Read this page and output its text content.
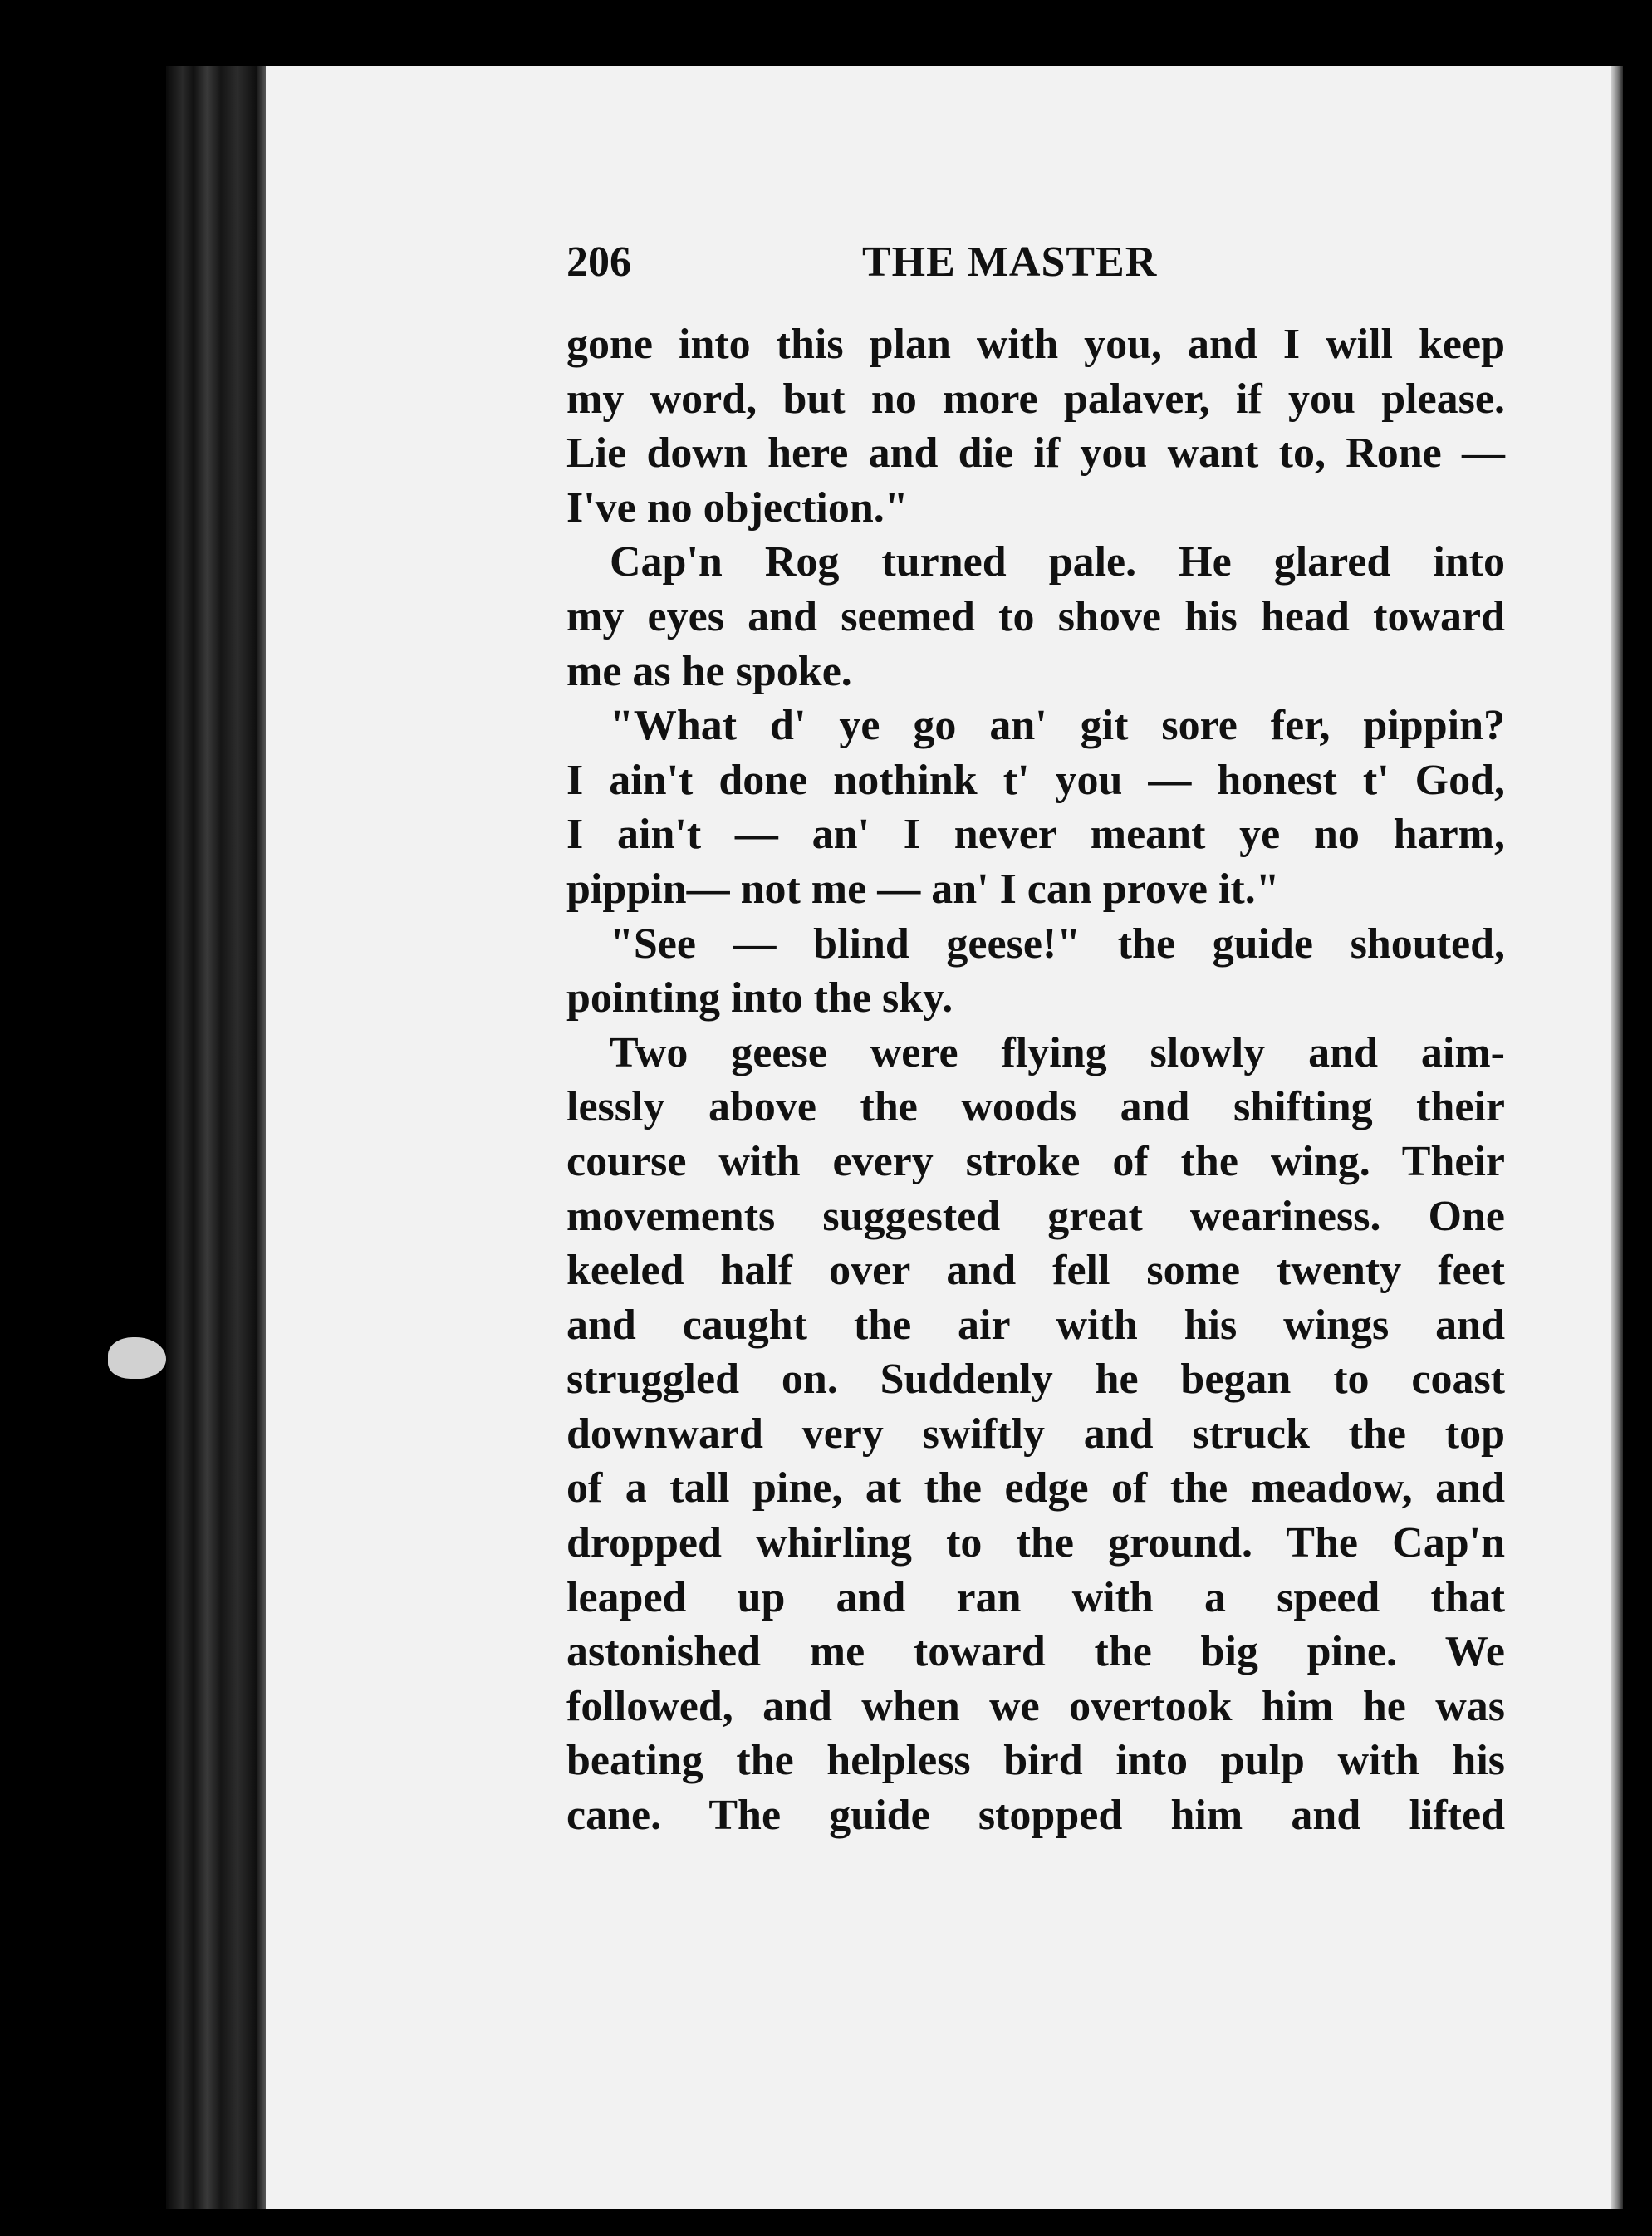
206	THE MASTER
gone into this plan with you, and I will keep
my word, but no more palaver, if you please.
Lie down here and die if you want to, Rone —
I've no objection."
Cap'n Rog turned pale. He glared into
my eyes and seemed to shove his head toward
me as he spoke.
"What d' ye go an' git sore fer, pippin?
I ain't done nothink t' you — honest t' God,
I ain't — an' I never meant ye no harm,
pippin— not me — an' I can prove it."
"See — blind geese!" the guide shouted,
pointing into the sky.
Two geese were flying slowly and aim-
lessly above the woods and shifting their
course with every stroke of the wing. Their
movements suggested great weariness. One
keeled half over and fell some twenty feet
and caught the air with his wings and
struggled on. Suddenly he began to coast
downward very swiftly and struck the top
of a tall pine, at the edge of the meadow, and
dropped whirling to the ground. The Cap'n
leaped up and ran with a speed that
astonished me toward the big pine. We
followed, and when we overtook him he was
beating the helpless bird into pulp with his
cane. The guide stopped him and lifted
